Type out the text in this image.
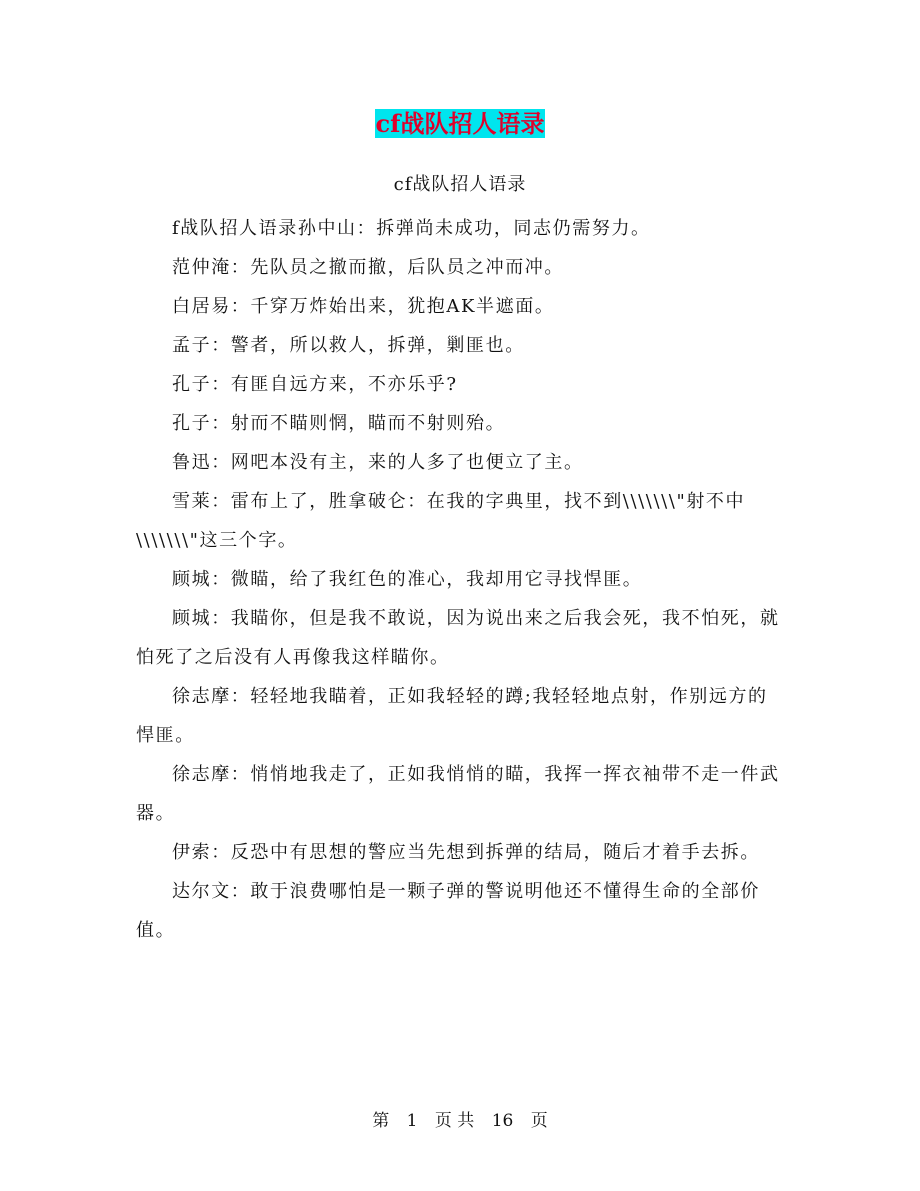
cf战队招人语录
cf战队招人语录

f战队招人语录孙中山：拆弹尚未成功，同志仍需努力。

范仲淹：先队员之撤而撤，后队员之冲而冲。

白居易：千穿万炸始出来，犹抱AK半遮面。

孟子：警者，所以救人，拆弹，剿匪也。

孔子：有匪自远方来，不亦乐乎?

孔子：射而不瞄则惘，瞄而不射则殆。

鲁迅：网吧本没有主，来的人多了也便立了主。

雪莱：雷布上了，胜拿破仑：在我的字典里，找不到\\\\\\\"射不中\\\\\\\"这三个字。

顾城：微瞄，给了我红色的准心，我却用它寻找悍匪。

顾城：我瞄你，但是我不敢说，因为说出来之后我会死，我不怕死，就怕死了之后没有人再像我这样瞄你。

徐志摩：轻轻地我瞄着，正如我轻轻的蹲;我轻轻地点射，作别远方的悍匪。

徐志摩：悄悄地我走了，正如我悄悄的瞄，我挥一挥衣袖带不走一件武器。

伊索：反恐中有思想的警应当先想到拆弹的结局，随后才着手去拆。

达尔文：敢于浪费哪怕是一颗子弹的警说明他还不懂得生命的全部价值。

第 1 页 共 16 页
